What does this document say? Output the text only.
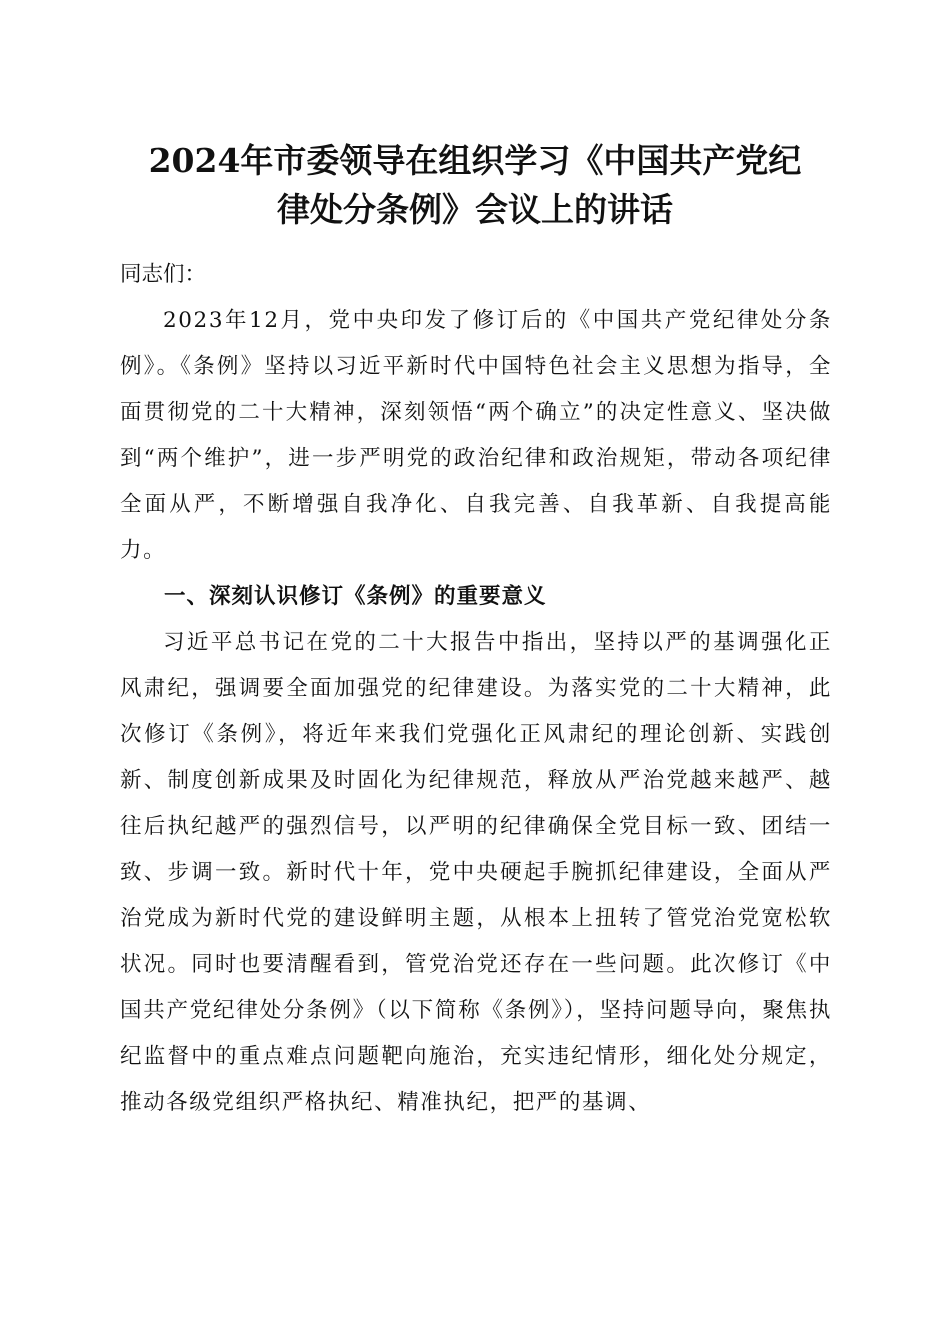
2024年市委领导在组织学习《中国共产党纪
律处分条例》会议上的讲话

同志们：

2023年12月，党中央印发了修订后的《中国共产党纪律处分条例》。《条例》坚持以习近平新时代中国特色社会主义思想为指导，全面贯彻党的二十大精神，深刻领悟“两个确立”的决定性意义、坚决做到“两个维护”，进一步严明党的政治纪律和政治规矩，带动各项纪律全面从严，不断增强自我净化、自我完善、自我革新、自我提高能力。

一、深刻认识修订《条例》的重要意义

习近平总书记在党的二十大报告中指出，坚持以严的基调强化正风肃纪，强调要全面加强党的纪律建设。为落实党的二十大精神，此次修订《条例》，将近年来我们党强化正风肃纪的理论创新、实践创新、制度创新成果及时固化为纪律规范，释放从严治党越来越严、越往后执纪越严的强烈信号，以严明的纪律确保全党目标一致、团结一致、步调一致。新时代十年，党中央硬起手腕抓纪律建设，全面从严治党成为新时代党的建设鲜明主题，从根本上扭转了管党治党宽松软状况。同时也要清醒看到，管党治党还存在一些问题。此次修订《中国共产党纪律处分条例》（以下简称《条例》），坚持问题导向，聚焦执纪监督中的重点难点问题靶向施治，充实违纪情形，细化处分规定，推动各级党组织严格执纪、精准执纪，把严的基调、
